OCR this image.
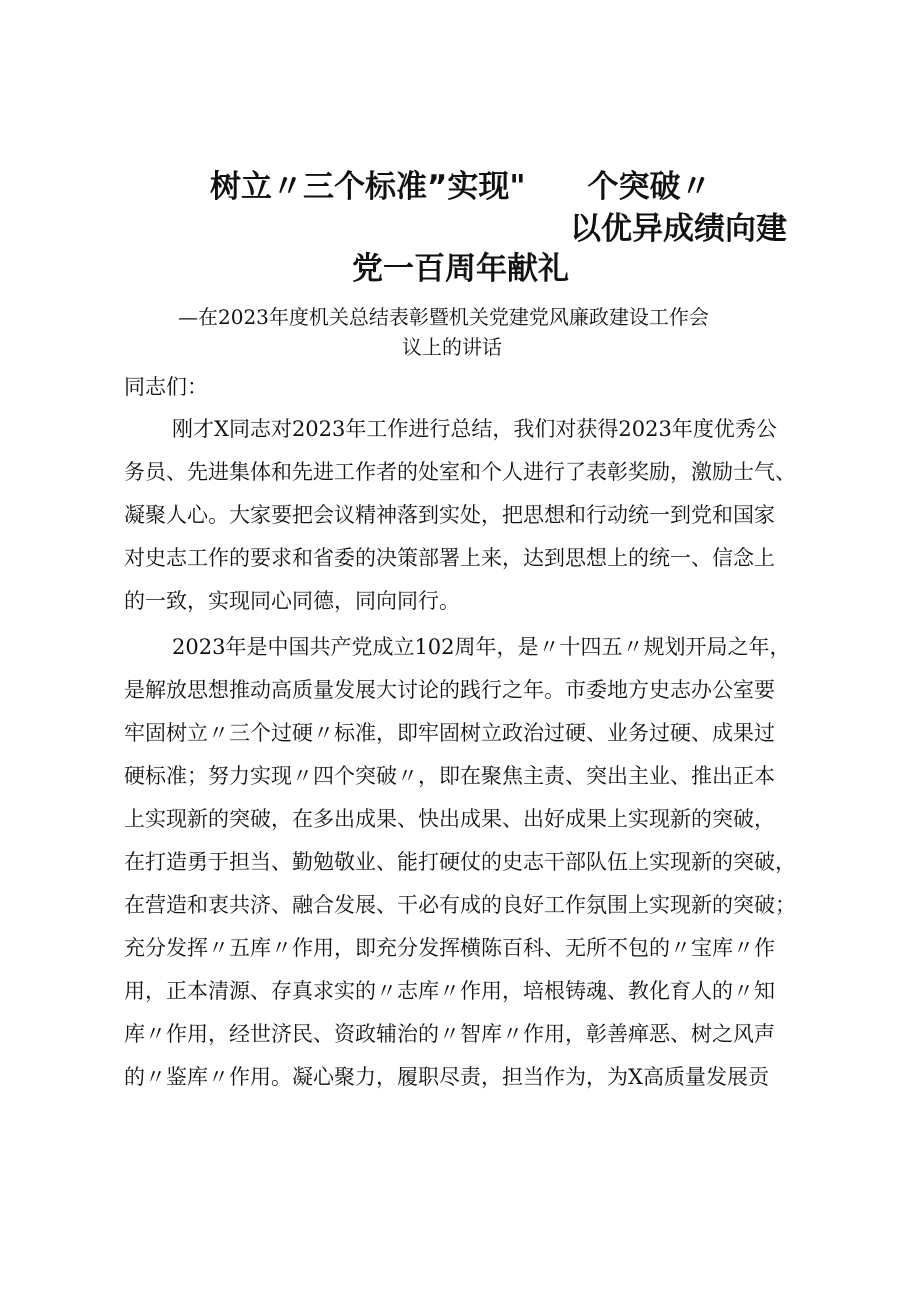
树立〃三个标准”实现"　　个突破〃
以优异成绩向建
党一百周年献礼
—在2023年度机关总结表彰暨机关党建党风廉政建设工作会
议上的讲话
同志们：
刚才X同志对2023年工作进行总结，我们对获得2023年度优秀公
务员、先进集体和先进工作者的处室和个人进行了表彰奖励，激励士气、
凝聚人心。大家要把会议精神落到实处，把思想和行动统一到党和国家
对史志工作的要求和省委的决策部署上来，达到思想上的统一、信念上
的一致，实现同心同德，同向同行。
2023年是中国共产党成立102周年，是〃十四五〃规划开局之年，
是解放思想推动高质量发展大讨论的践行之年。市委地方史志办公室要
牢固树立〃三个过硬〃标准，即牢固树立政治过硬、业务过硬、成果过
硬标准；努力实现〃四个突破〃，即在聚焦主责、突出主业、推出正本
上实现新的突破，在多出成果、快出成果、出好成果上实现新的突破，
在打造勇于担当、勤勉敬业、能打硬仗的史志干部队伍上实现新的突破，
在营造和衷共济、融合发展、干必有成的良好工作氛围上实现新的突破；
充分发挥〃五库〃作用，即充分发挥横陈百科、无所不包的〃宝库〃作
用，正本清源、存真求实的〃志库〃作用，培根铸魂、教化育人的〃知
库〃作用，经世济民、资政辅治的〃智库〃作用，彰善瘅恶、树之风声
的〃鉴库〃作用。凝心聚力，履职尽责，担当作为，为X高质量发展贡
